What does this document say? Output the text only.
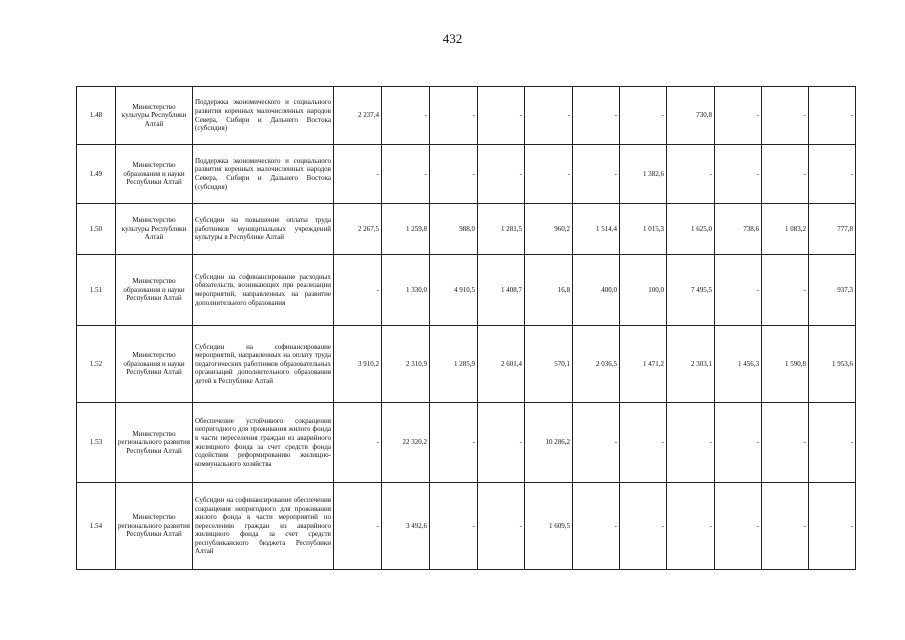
432
1.48	Министерство культуры Республики Алтай	Поддержка экономического и социального развития коренных малочисленных народов Севера, Сибири и Дальнего Востока (субсидия)	2 237,4	-	-	-	-	-	-	730,8	-	-	-
1.49	Министерство образования и науки Республики Алтай	Поддержка экономического и социального развития коренных малочисленных народов Севера, Сибири и Дальнего Востока (субсидия)	-	-	-	-	-	-	1 382,6	-	-	-	-
1.50	Министерство культуры Республики Алтай	Субсидии на повышение оплаты труда работников муниципальных учреждений культуры в Республике Алтай	2 267,5	1 259,8	988,0	1 281,5	960,2	1 514,4	1 015,3	1 625,0	738,6	1 083,2	777,8
1.51	Министерство образования и науки Республики Алтай	Субсидии на софинансирование расходных обязательств, возникающих при реализации мероприятий, направленных на развитие дополнительного образования	-	1 330,0	4 910,5	1 408,7	16,8	400,0	100,0	7 495,5	-	-	937,3
1.52	Министерство образования и науки Республики Алтай	Субсидии на софинансирование мероприятий, направленных на оплату труда педагогических работников образовательных организаций дополнительного образования детей в Республике Алтай	3 910,2	2 310,9	1 285,9	2 601,4	570,1	2 036,5	1 471,2	2 303,1	1 456,3	1 590,8	1 953,6
1.53	Министерство регионального развития Республики Алтай	Обеспечение устойчивого сокращения непригодного для проживания жилого фонда в части переселения граждан из аварийного жилищного фонда за счет средств фонда содействия реформированию жилищно-коммунального хозяйства	-	22 320,2	-	-	10 286,2	-	-	-	-	-	-
1.54	Министерство регионального развития Республики Алтай	Субсидии на софинансирование обеспечения сокращения непригодного для проживания жилого фонда в части мероприятий по переселению граждан из аварийного жилищного фонда за счет средств республиканского бюджета Республики Алтай	-	3 492,6	-	-	1 609,5	-	-	-	-	-	-
